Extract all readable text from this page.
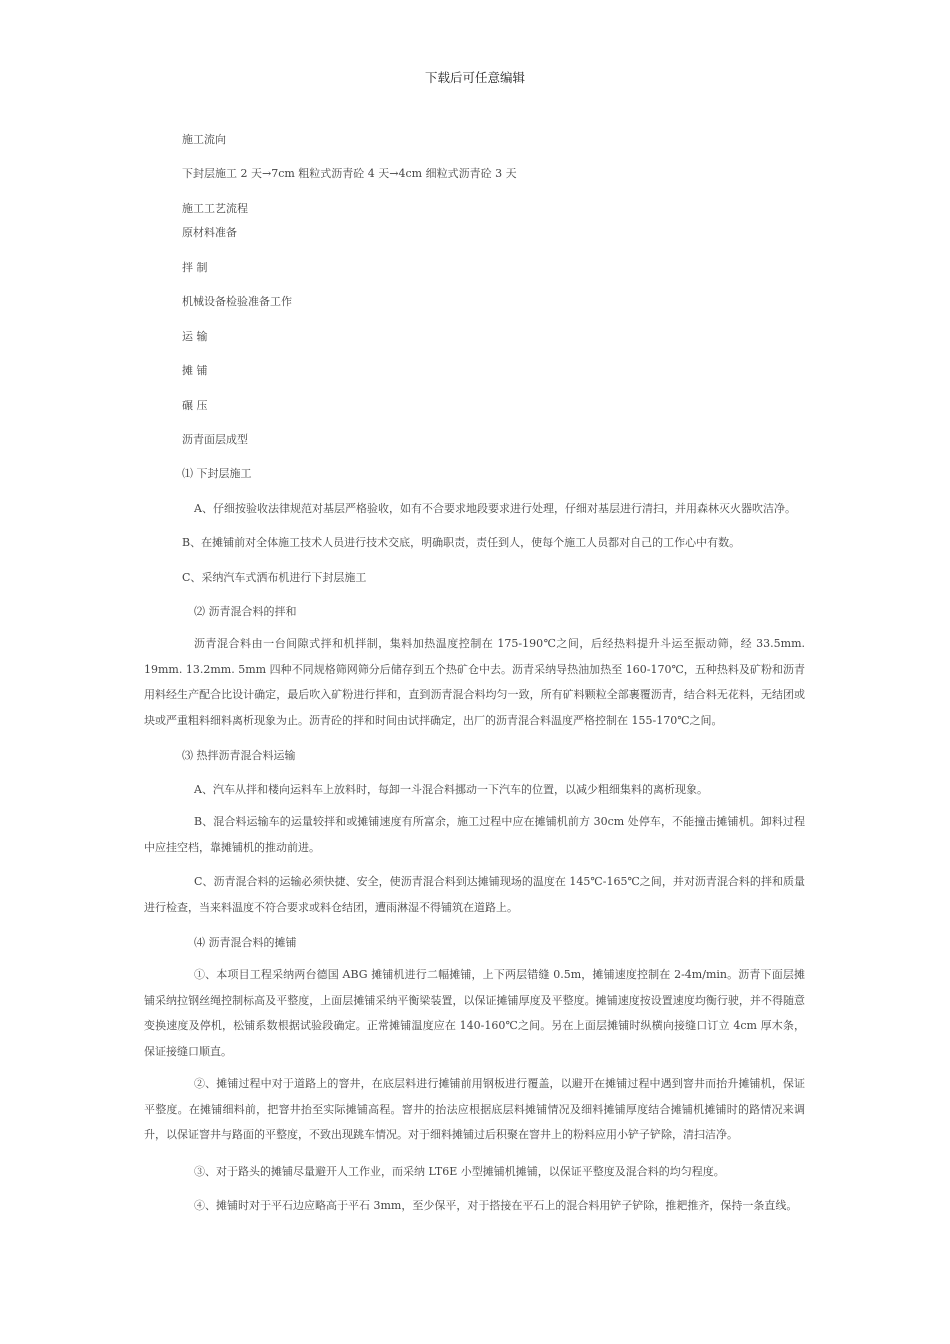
下载后可任意编辑
施工流向
下封层施工 2 天→7cm 粗粒式沥青砼 4 天→4cm 细粒式沥青砼 3 天
施工工艺流程
原材料准备
拌 制
机械设备检验准备工作
运 输
摊 铺
碾 压
沥青面层成型
⑴ 下封层施工
A、仔细按验收法律规范对基层严格验收，如有不合要求地段要求进行处理，仔细对基层进行清扫，并用森林灭火器吹洁净。
B、在摊铺前对全体施工技术人员进行技术交底，明确职责，责任到人，使每个施工人员都对自己的工作心中有数。
C、采纳汽车式洒布机进行下封层施工
⑵ 沥青混合料的拌和
沥青混合料由一台间隙式拌和机拌制，集料加热温度控制在 175-190℃之间，后经热料提升斗运至振动筛，经 33.5mm. 19mm. 13.2mm. 5mm 四种不同规格筛网筛分后储存到五个热矿仓中去。沥青采纳导热油加热至 160-170℃，五种热料及矿粉和沥青用料经生产配合比设计确定，最后吹入矿粉进行拌和，直到沥青混合料均匀一致，所有矿料颗粒全部裹覆沥青，结合料无花料，无结团或块或严重粗料细料离析现象为止。沥青砼的拌和时间由试拌确定，出厂的沥青混合料温度严格控制在 155-170℃之间。
⑶ 热拌沥青混合料运输
A、汽车从拌和楼向运料车上放料时，每卸一斗混合料挪动一下汽车的位置，以减少粗细集料的离析现象。
B、混合料运输车的运量较拌和或摊铺速度有所富余，施工过程中应在摊铺机前方 30cm 处停车，不能撞击摊铺机。卸料过程中应挂空档，靠摊铺机的推动前进。
C、沥青混合料的运输必须快捷、安全，使沥青混合料到达摊铺现场的温度在 145℃-165℃之间，并对沥青混合料的拌和质量进行检查，当来料温度不符合要求或料仓结团，遭雨淋湿不得铺筑在道路上。
⑷ 沥青混合料的摊铺
①、本项目工程采纳两台德国 ABG 摊铺机进行二幅摊铺，上下两层错缝 0.5m，摊铺速度控制在 2-4m/min。沥青下面层摊铺采纳拉钢丝绳控制标高及平整度，上面层摊铺采纳平衡梁装置，以保证摊铺厚度及平整度。摊铺速度按设置速度均衡行驶，并不得随意变换速度及停机，松铺系数根据试验段确定。正常摊铺温度应在 140-160℃之间。另在上面层摊铺时纵横向接缝口订立 4cm 厚木条，保证接缝口顺直。
②、摊铺过程中对于道路上的窨井，在底层料进行摊铺前用钢板进行覆盖，以避开在摊铺过程中遇到窨井而抬升摊铺机，保证平整度。在摊铺细料前，把窨井抬至实际摊铺高程。窨井的抬法应根据底层料摊铺情况及细料摊铺厚度结合摊铺机摊铺时的路情况来调升，以保证窨井与路面的平整度，不致出现跳车情况。对于细料摊铺过后积聚在窨井上的粉料应用小铲子铲除，清扫洁净。
③、对于路头的摊铺尽量避开人工作业，而采纳 LT6E 小型摊铺机摊铺，以保证平整度及混合料的均匀程度。
④、摊铺时对于平石边应略高于平石 3mm，至少保平，对于搭接在平石上的混合料用铲子铲除，推耙推齐，保持一条直线。
